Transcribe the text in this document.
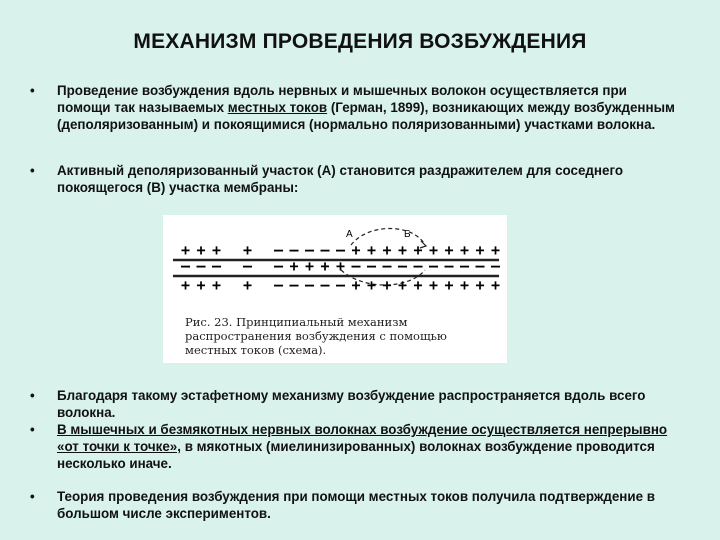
МЕХАНИЗМ ПРОВЕДЕНИЯ ВОЗБУЖДЕНИЯ
• Проведение возбуждения вдоль нервных и мышечных волокон осуществляется при помощи так называемых местных токов (Герман, 1899), возникающих между возбужденным (деполяризованным) и покоящимися (нормально поляризованными) участками волокна.
• Активный деполяризованный участок (А) становится раздражителем для соседнего покоящегося (В) участка мембраны:
А	Б
+ + + + – – – – – + + + + + + + + + +
– – – – – + + + + – – – – – – – – – –
+ + + + – – – – – + + + + + + + + + +
Рис. 23. Принципиальный механизм распространения возбуждения с помощью местных токов (схема).
• Благодаря такому эстафетному механизму возбуждение распространяется вдоль всего волокна.
• В мышечных и безмякотных нервных волокнах возбуждение осуществляется непрерывно «от точки к точке», в мякотных (миелинизированных) волокнах возбуждение проводится несколько иначе.
• Теория проведения возбуждения при помощи местных токов получила подтверждение в большом числе экспериментов.
